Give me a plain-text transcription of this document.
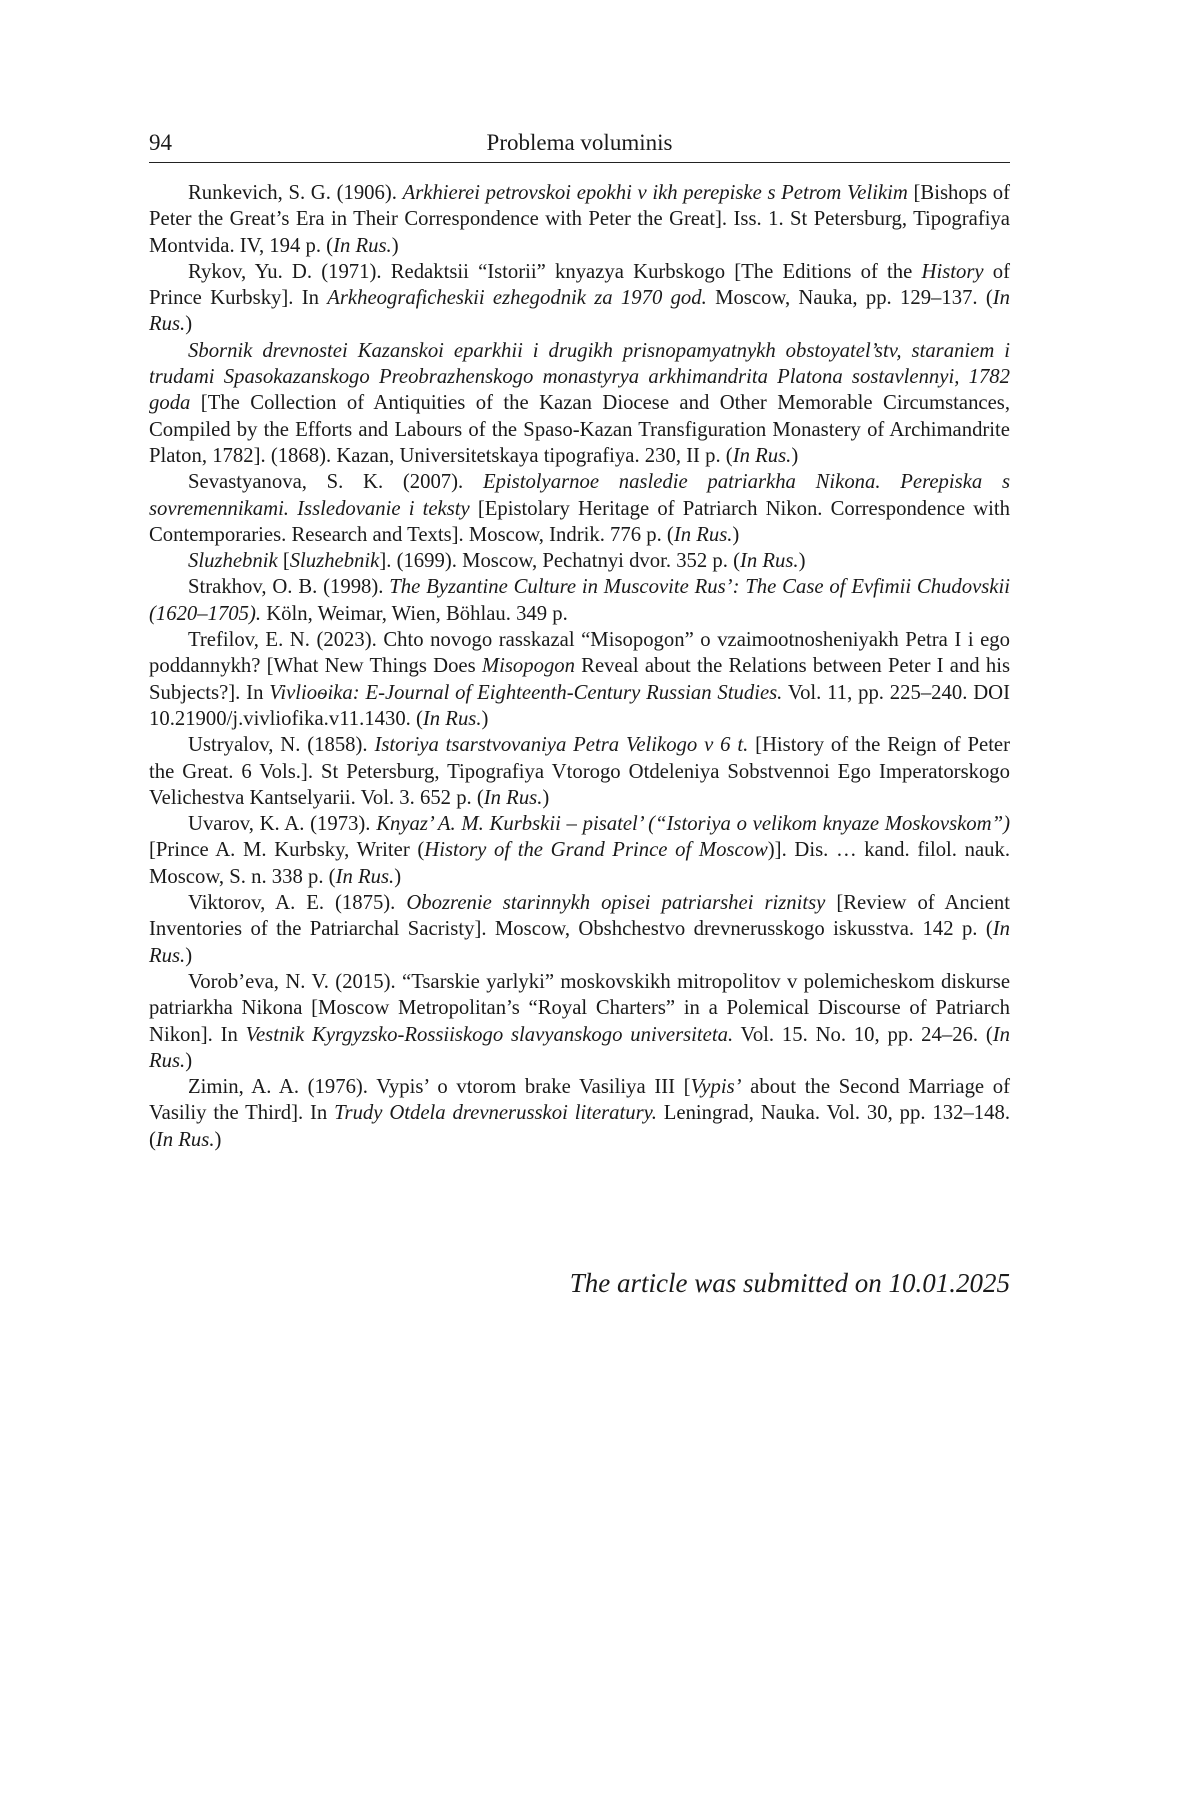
94	Problema voluminis

Runkevich, S. G. (1906). Arkhierei petrovskoi epokhi v ikh perepiske s Petrom Velikim [Bishops of Peter the Great’s Era in Their Correspondence with Peter the Great]. Iss. 1. St Petersburg, Tipografiya Montvida. IV, 194 p. (In Rus.)

Rykov, Yu. D. (1971). Redaktsii “Istorii” knyazya Kurbskogo [The Editions of the History of Prince Kurbsky]. In Arkheograficheskii ezhegodnik za 1970 god. Moscow, Nauka, pp. 129–137. (In Rus.)

Sbornik drevnostei Kazanskoi eparkhii i drugikh prisnopamyatnykh obstoyatel’stv, staraniem i trudami Spasokazanskogo Preobrazhenskogo monastyrya arkhimandrita Platona sostavlennyi, 1782 goda [The Collection of Antiquities of the Kazan Diocese and Other Memorable Circumstances, Compiled by the Efforts and Labours of the Spaso-Kazan Transfiguration Monastery of Archimandrite Platon, 1782]. (1868). Kazan, Universitetskaya tipografiya. 230, II p. (In Rus.)

Sevastyanova, S. K. (2007). Epistolyarnoe nasledie patriarkha Nikona. Perepiska s sovremennikami. Issledovanie i teksty [Epistolary Heritage of Patriarch Nikon. Correspondence with Contemporaries. Research and Texts]. Moscow, Indrik. 776 p. (In Rus.)

Sluzhebnik [Sluzhebnik]. (1699). Moscow, Pechatnyi dvor. 352 p. (In Rus.)

Strakhov, O. B. (1998). The Byzantine Culture in Muscovite Rus’: The Case of Evfimii Chudovskii (1620–1705). Köln, Weimar, Wien, Böhlau. 349 p.

Trefilov, E. N. (2023). Chto novogo rasskazal “Misopogon” o vzaimootnosheniyakh Petra I i ego poddannykh? [What New Things Does Misopogon Reveal about the Relations between Peter I and his Subjects?]. In Vivlioѳika: E-Journal of Eighteenth-Century Russian Studies. Vol. 11, pp. 225–240. DOI 10.21900/j.vivliofika.v11.1430. (In Rus.)

Ustryalov, N. (1858). Istoriya tsarstvovaniya Petra Velikogo v 6 t. [History of the Reign of Peter the Great. 6 Vols.]. St Petersburg, Tipografiya Vtorogo Otdeleniya Sobstvennoi Ego Imperatorskogo Velichestva Kantselyarii. Vol. 3. 652 p. (In Rus.)

Uvarov, K. A. (1973). Knyaz’ A. M. Kurbskii – pisatel’ (“Istoriya o velikom knyaze Moskovskom”) [Prince A. M. Kurbsky, Writer (History of the Grand Prince of Moscow)]. Dis. … kand. filol. nauk. Moscow, S. n. 338 p. (In Rus.)

Viktorov, A. E. (1875). Obozrenie starinnykh opisei patriarshei riznitsy [Review of Ancient Inventories of the Patriarchal Sacristy]. Moscow, Obshchestvo drevnerusskogo iskusstva. 142 p. (In Rus.)

Vorob’eva, N. V. (2015). “Tsarskie yarlyki” moskovskikh mitropolitov v polemicheskom diskurse patriarkha Nikona [Moscow Metropolitan’s “Royal Charters” in a Polemical Discourse of Patriarch Nikon]. In Vestnik Kyrgyzsko-Rossiiskogo slavyanskogo universiteta. Vol. 15. No. 10, pp. 24–26. (In Rus.)

Zimin, A. A. (1976). Vypis’ o vtorom brake Vasiliya III [Vypis’ about the Second Marriage of Vasiliy the Third]. In Trudy Otdela drevnerusskoi literatury. Leningrad, Nauka. Vol. 30, pp. 132–148. (In Rus.)

The article was submitted on 10.01.2025
